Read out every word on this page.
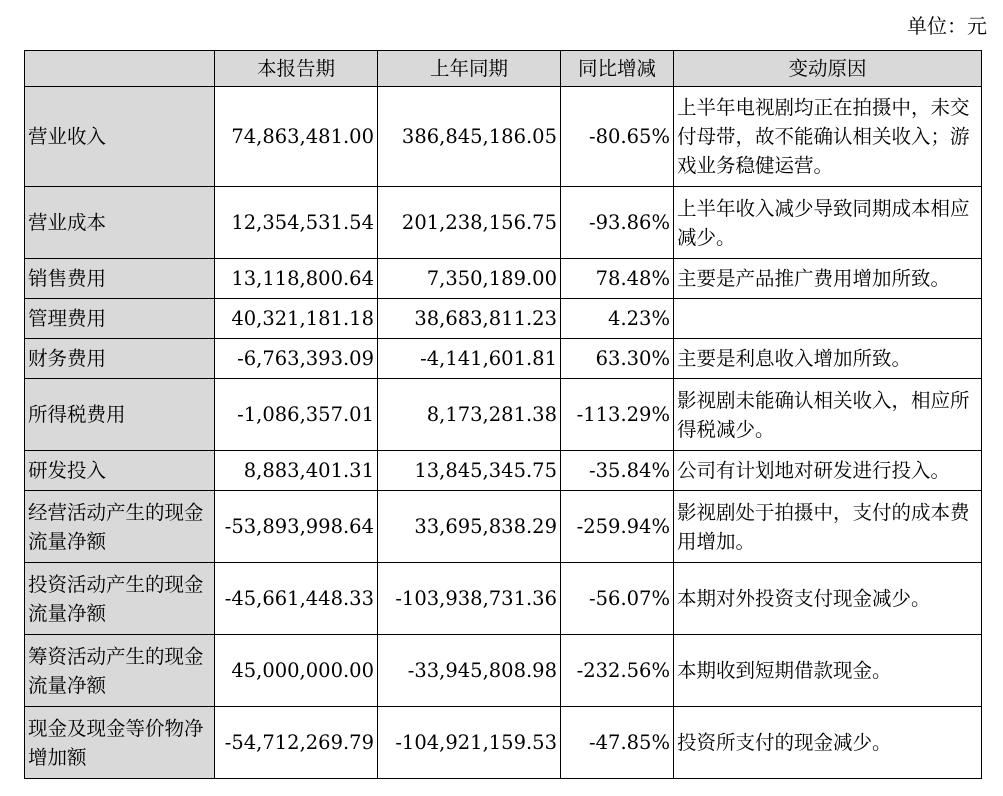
单位：元
	本报告期	上年同期	同比增减	变动原因
营业收入	74,863,481.00	386,845,186.05	-80.65%	上半年电视剧均正在拍摄中，未交付母带，故不能确认相关收入；游戏业务稳健运营。
营业成本	12,354,531.54	201,238,156.75	-93.86%	上半年收入减少导致同期成本相应减少。
销售费用	13,118,800.64	7,350,189.00	78.48%	主要是产品推广费用增加所致。
管理费用	40,321,181.18	38,683,811.23	4.23%	
财务费用	-6,763,393.09	-4,141,601.81	63.30%	主要是利息收入增加所致。
所得税费用	-1,086,357.01	8,173,281.38	-113.29%	影视剧未能确认相关收入，相应所得税减少。
研发投入	8,883,401.31	13,845,345.75	-35.84%	公司有计划地对研发进行投入。
经营活动产生的现金流量净额	-53,893,998.64	33,695,838.29	-259.94%	影视剧处于拍摄中，支付的成本费用增加。
投资活动产生的现金流量净额	-45,661,448.33	-103,938,731.36	-56.07%	本期对外投资支付现金减少。
筹资活动产生的现金流量净额	45,000,000.00	-33,945,808.98	-232.56%	本期收到短期借款现金。
现金及现金等价物净增加额	-54,712,269.79	-104,921,159.53	-47.85%	投资所支付的现金减少。
